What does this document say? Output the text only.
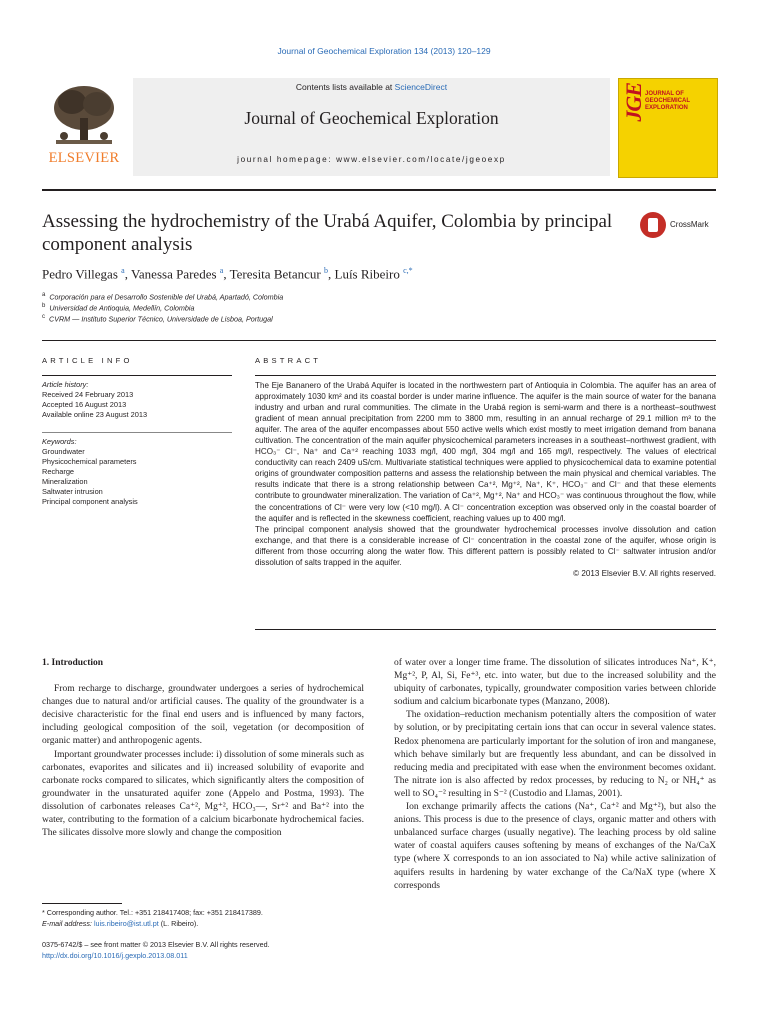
Journal of Geochemical Exploration 134 (2013) 120–129
ELSEVIER
Contents lists available at ScienceDirect
Journal of Geochemical Exploration
journal homepage: www.elsevier.com/locate/jgeoexp
JGE JOURNAL OF
GEOCHEMICAL
EXPLORATION
Assessing the hydrochemistry of the Urabá Aquifer, Colombia by principal component analysis
CrossMark
Pedro Villegas $^a$, Vanessa Paredes $^a$, Teresita Betancur $^b$, Luís Ribeiro $^{c,*}$
$^a$ Corporación para el Desarrollo Sostenible del Urabá, Apartadó, Colombia
$^b$ Universidad de Antioquia, Medellín, Colombia
$^c$ CVRM — Instituto Superior Técnico, Universidade de Lisboa, Portugal
ARTICLE INFO
Article history:
Received 24 February 2013
Accepted 16 August 2013
Available online 23 August 2013
Keywords:
Groundwater
Physicochemical parameters
Recharge
Mineralization
Saltwater intrusion
Principal component analysis
ABSTRACT

The Eje Bananero of the Urabá Aquifer is located in the northwestern part of Antioquia in Colombia. The aquifer has an area of approximately 1030 km² and its coastal border is under marine influence. The aquifer is the main source of water for the banana industry and urban and rural communities. The climate in the Urabá region is semi-warm and there is a northeast–southwest gradient of mean annual precipitation from 2200 mm to 3800 mm, resulting in an annual recharge of 29.1 million m³ to the aquifer. The area of the aquifer encompasses about 550 active wells which exist mostly to meet irrigation demand from banana cultivation. The concentration of the main aquifer physicochemical parameters increases in a southeast–northwest gradient, with HCO₃⁻ Cl⁻, Na⁺ and Ca⁺² reaching 1033 mg/l, 400 mg/l, 304 mg/l and 165 mg/l, respectively. The values of electrical conductivity can reach 2409 uS/cm. Multivariate statistical techniques were applied to physicochemical data to examine potential origins of groundwater composition patterns and assess the relationship between the main physical and chemical variables. The results indicate that there is a strong relationship between Ca⁺², Mg⁺², Na⁺, K⁺, HCO₃⁻ and Cl⁻ and that these elements contribute to groundwater mineralization. The variation of Ca⁺², Mg⁺², Na⁺ and HCO₃⁻ was continuous throughout the flow, while the concentrations of Cl⁻ were very low (<10 mg/l). A Cl⁻ concentration exception was observed only in the coastal boarder of the aquifer and is reflected in the skewness coefficient, reaching values up to 400 mg/l.

The principal component analysis showed that the groundwater hydrochemical processes involve dissolution and cation exchange, and that there is a considerable increase of Cl⁻ concentration in the coastal zone of the aquifer, whose origin is different from those occurring along the water flow. This different pattern is possibly related to Cl⁻ saltwater intrusion and/or dissolution of salts trapped in the aquifer.

© 2013 Elsevier B.V. All rights reserved.

1. Introduction

From recharge to discharge, groundwater undergoes a series of hydrochemical changes due to natural and/or artificial causes. The quality of the groundwater is a decisive characteristic for the final end users and is influenced by many factors, including geological composition of the soil, vegetation (or decomposition of organic matter) and anthropogenic agents.

Important groundwater processes include: i) dissolution of some minerals such as carbonates, evaporites and silicates and ii) increased solubility of evaporite and carbonate rocks compared to silicates, which significantly alters the composition of groundwater in the unsaturated aquifer zone (Appelo and Postma, 1993). The dissolution of carbonates releases Ca⁺², Mg⁺², HCO₃—, Sr⁺² and Ba⁺² into the water, contributing to the formation of a calcium bicarbonate hydrochemical facies. The silicates dissolve more slowly and change the composition

of water over a longer time frame. The dissolution of silicates introduces Na⁺, K⁺, Mg⁺², P, Al, Si, Fe⁺³, etc. into water, but due to the increased solubility and the ubiquity of carbonates, typically, groundwater composition varies between chloride sodium and calcium bicarbonate types (Manzano, 2008).

The oxidation–reduction mechanism potentially alters the composition of water by solution, or by precipitating certain ions that can occur in several valence states. Redox phenomena are particularly important for the solution of iron and manganese, which behave similarly but are frequently less abundant, and can be dissolved in reducing media and precipitated with ease when the environment becomes oxidant. The nitrate ion is also affected by redox processes, by reducing to N₂ or NH₄⁺ as well to SO₄⁻² resulting in S⁻² (Custodio and Llamas, 2001).

Ion exchange primarily affects the cations (Na⁺, Ca⁺² and Mg⁺²), but also the anions. This process is due to the presence of clays, organic matter and others with unbalanced surface charges (usually negative). The leaching process by old saline water of coastal aquifers causes softening by means of exchanges of the Na/CaX type (where X corresponds to an ion associated to Na) while active salinization of aquifers results in hardening by water exchange of the Ca/NaX type (where X corresponds

* Corresponding author. Tel.: +351 218417408; fax: +351 218417389.
E-mail address: luis.ribeiro@ist.utl.pt (L. Ribeiro).
0375-6742/$ – see front matter © 2013 Elsevier B.V. All rights reserved.
http://dx.doi.org/10.1016/j.gexplo.2013.08.011
